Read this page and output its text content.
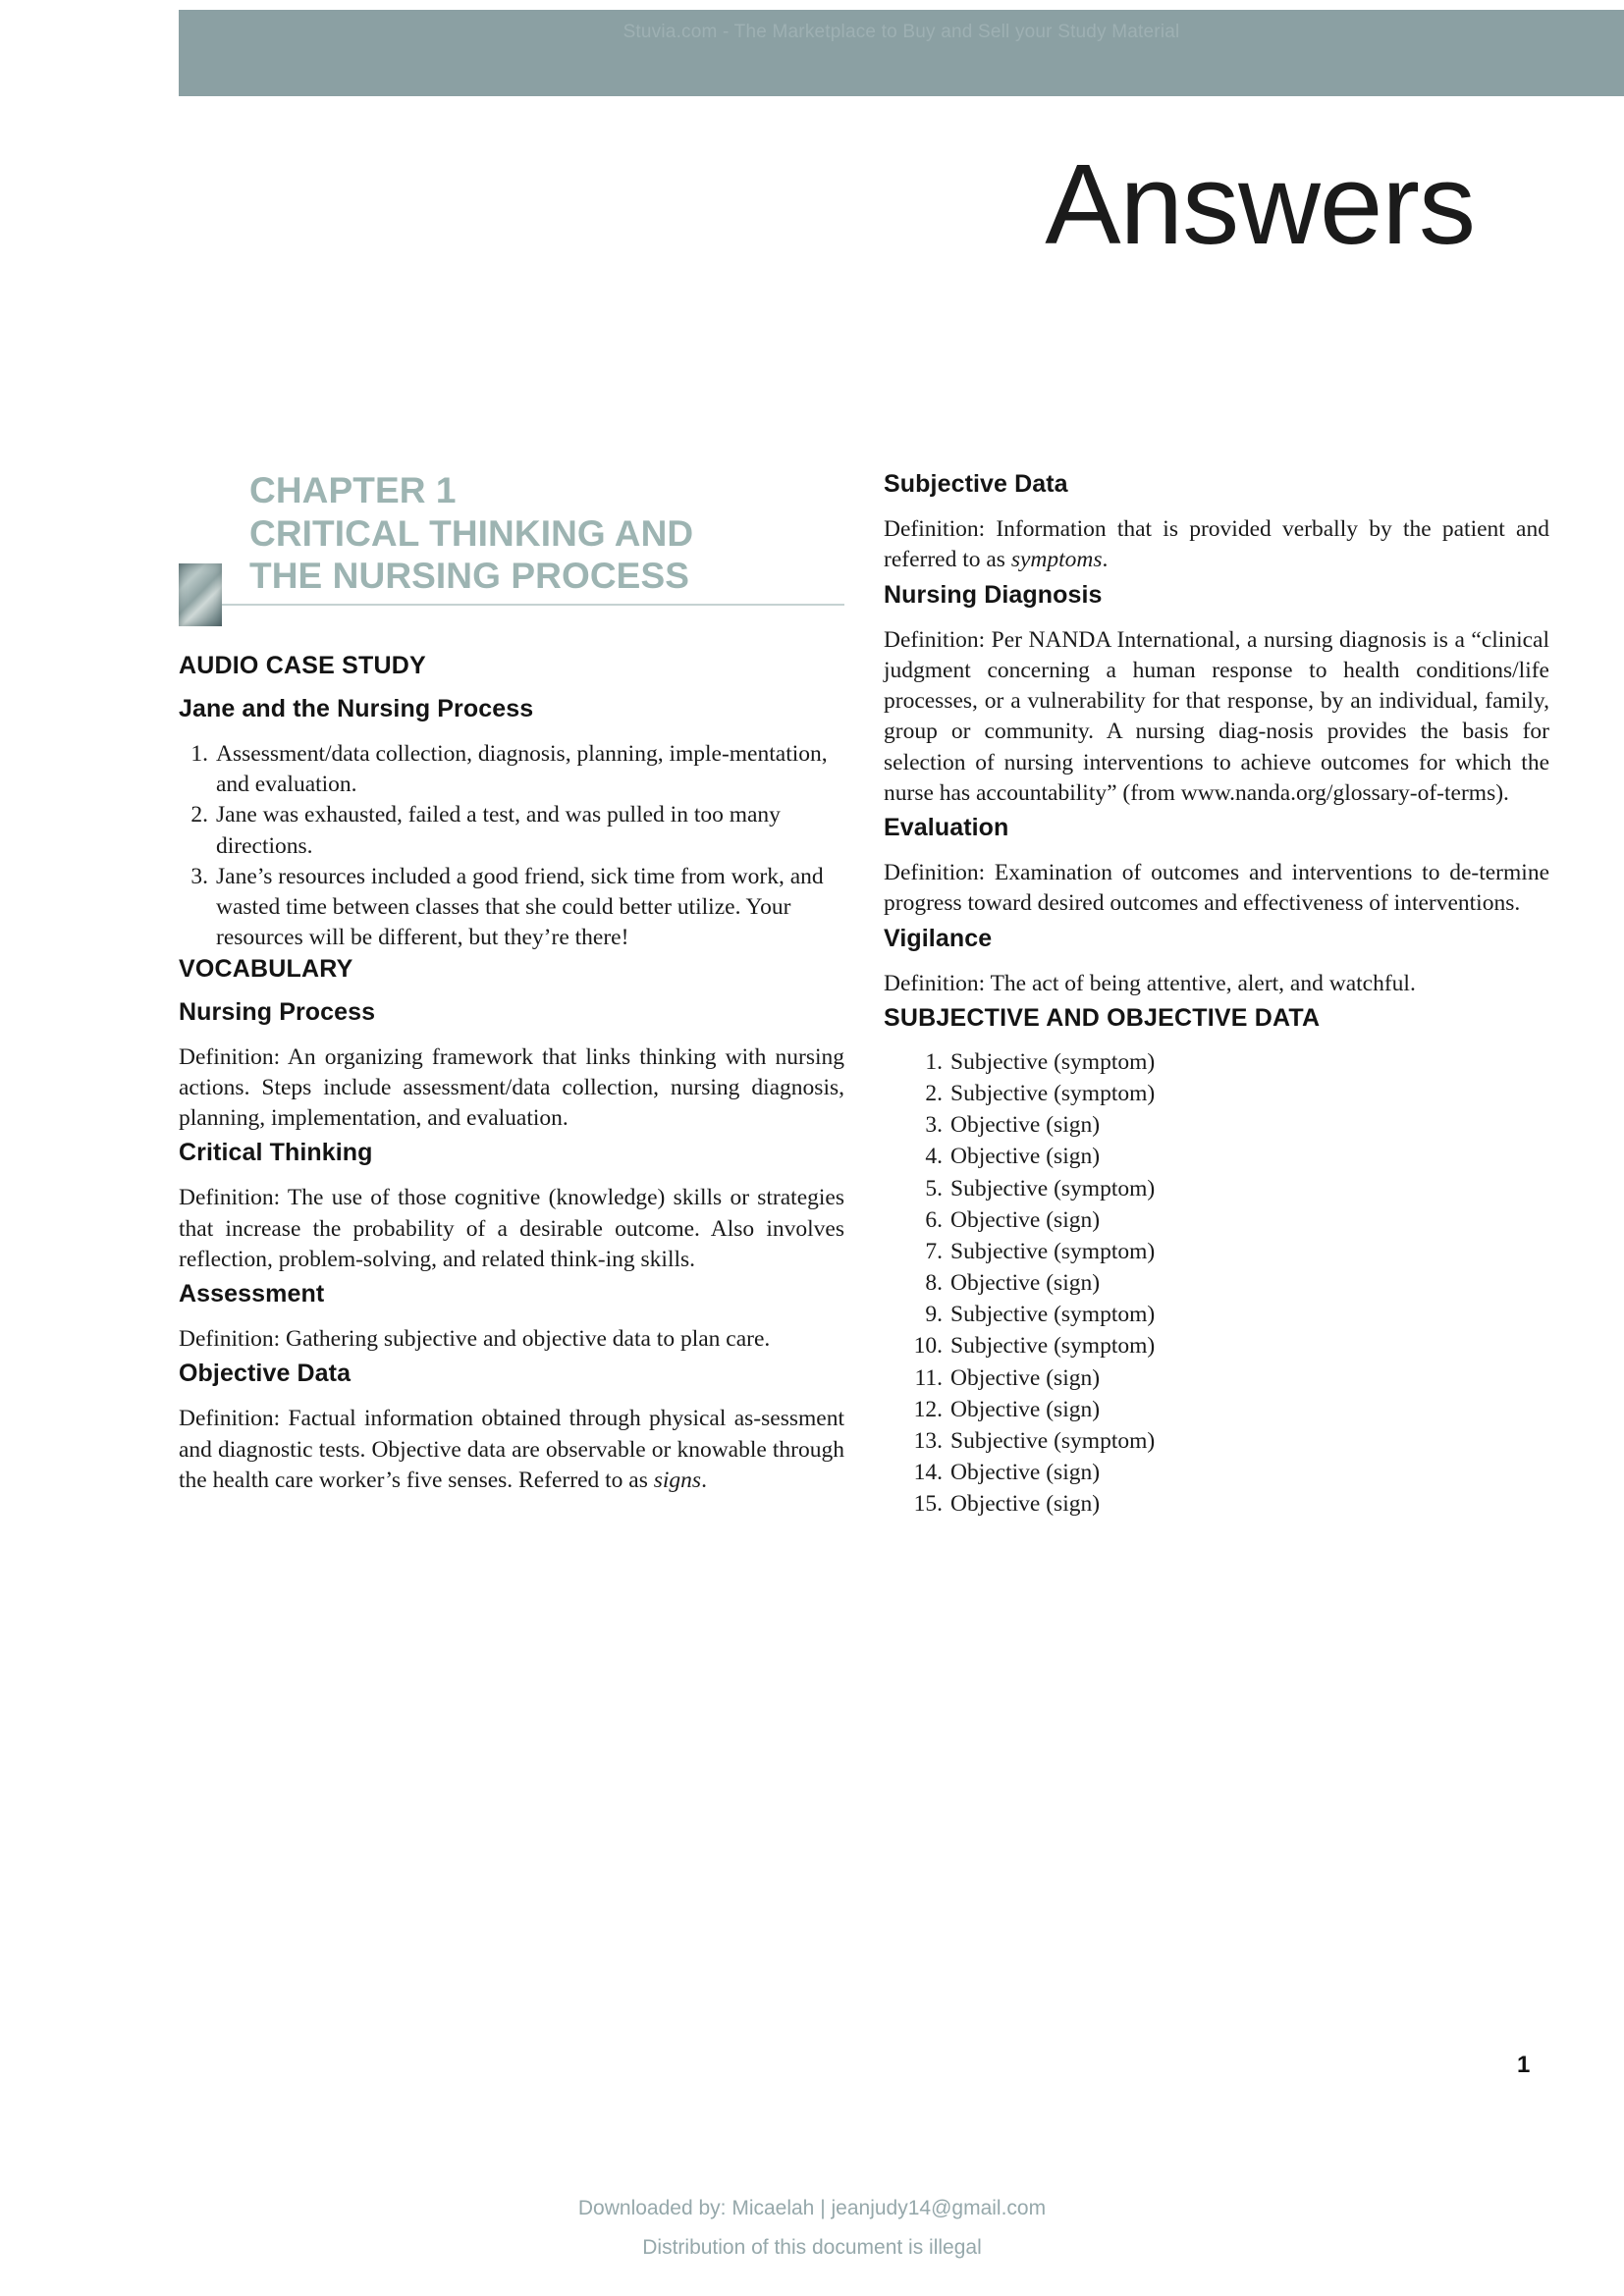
Stuvia.com - The Marketplace to Buy and Sell your Study Material
Answers
CHAPTER 1
CRITICAL THINKING AND
THE NURSING PROCESS
AUDIO CASE STUDY
Jane and the Nursing Process
Assessment/data collection, diagnosis, planning, imple-mentation, and evaluation.
Jane was exhausted, failed a test, and was pulled in too many directions.
Jane’s resources included a good friend, sick time from work, and wasted time between classes that she could better utilize. Your resources will be different, but they’re there!
VOCABULARY
Nursing Process

Definition: An organizing framework that links thinking with nursing actions. Steps include assessment/data collection, nursing diagnosis, planning, implementation, and evaluation.

Critical Thinking

Definition: The use of those cognitive (knowledge) skills or strategies that increase the probability of a desirable outcome. Also involves reflection, problem-solving, and related think-ing skills.

Assessment

Definition: Gathering subjective and objective data to plan care.

Objective Data

Definition: Factual information obtained through physical as-sessment and diagnostic tests. Objective data are observable or knowable through the health care worker’s five senses. Referred to as signs.

Subjective Data

Definition: Information that is provided verbally by the patient and referred to as symptoms.

Nursing Diagnosis

Definition: Per NANDA International, a nursing diagnosis is a “clinical judgment concerning a human response to health conditions/life processes, or a vulnerability for that response, by an individual, family, group or community. A nursing diag-nosis provides the basis for selection of nursing interventions to achieve outcomes for which the nurse has accountability” (from www.nanda.org/glossary-of-terms).

Evaluation

Definition: Examination of outcomes and interventions to de-termine progress toward desired outcomes and effectiveness of interventions.

Vigilance

Definition: The act of being attentive, alert, and watchful.

SUBJECTIVE AND OBJECTIVE DATA
Subjective (symptom)
Subjective (symptom)
Objective (sign)
Objective (sign)
Subjective (symptom)
Objective (sign)
Subjective (symptom)
Objective (sign)
Subjective (symptom)
Subjective (symptom)
Objective (sign)
Objective (sign)
Subjective (symptom)
Objective (sign)
Objective (sign)
1
Downloaded by: Micaelah | jeanjudy14@gmail.com
Distribution of this document is illegal
